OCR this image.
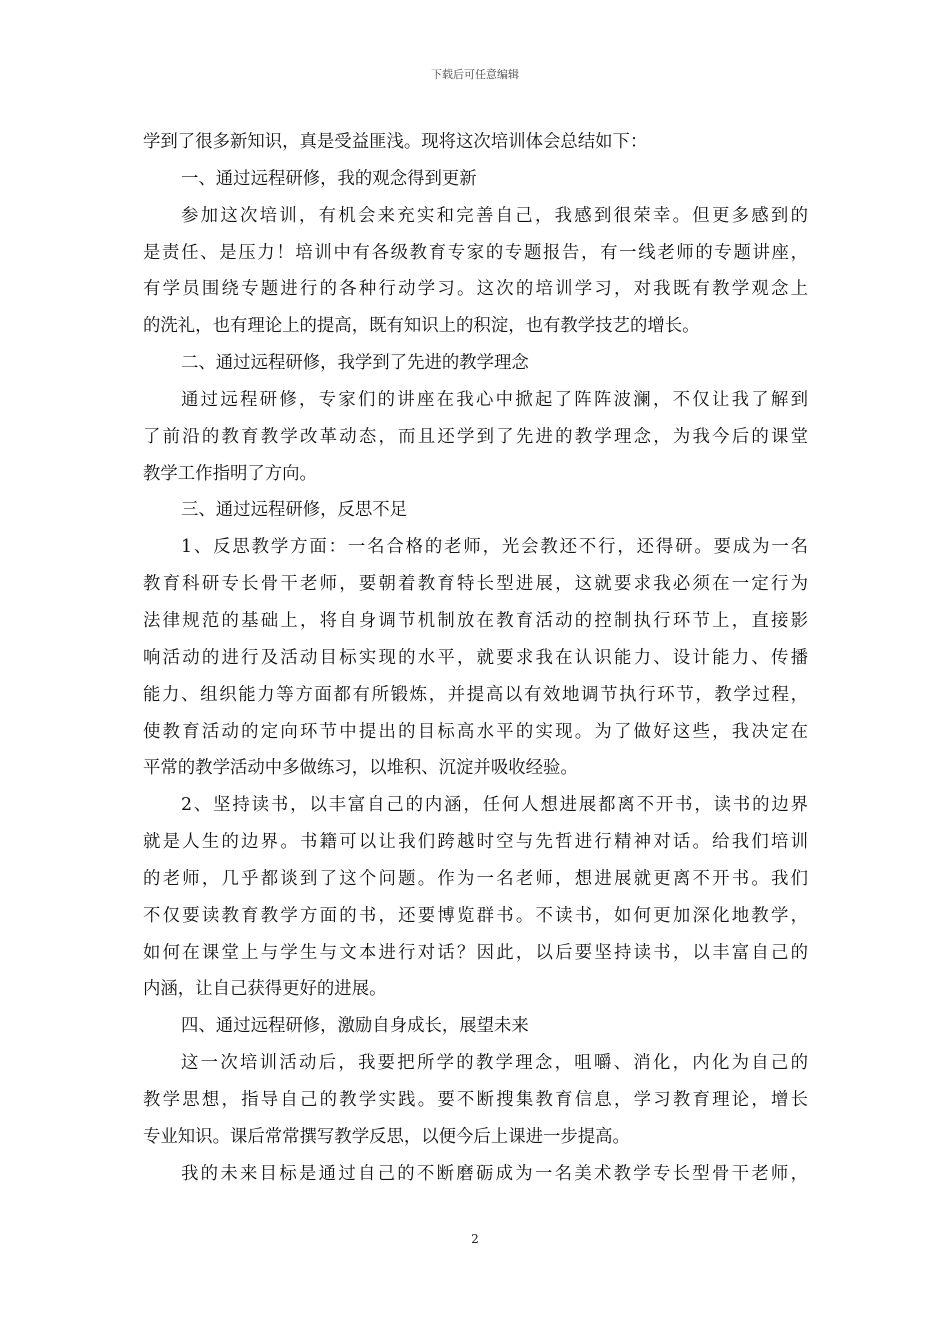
下载后可任意编辑
学到了很多新知识，真是受益匪浅。现将这次培训体会总结如下：
一、通过远程研修，我的观念得到更新
参加这次培训，有机会来充实和完善自己，我感到很荣幸。但更多感到的
是责任、是压力！培训中有各级教育专家的专题报告，有一线老师的专题讲座，
有学员围绕专题进行的各种行动学习。这次的培训学习，对我既有教学观念上
的洗礼，也有理论上的提高，既有知识上的积淀，也有教学技艺的增长。
二、通过远程研修，我学到了先进的教学理念
通过远程研修，专家们的讲座在我心中掀起了阵阵波澜，不仅让我了解到
了前沿的教育教学改革动态，而且还学到了先进的教学理念，为我今后的课堂
教学工作指明了方向。
三、通过远程研修，反思不足
1、反思教学方面：一名合格的老师，光会教还不行，还得研。要成为一名
教育科研专长骨干老师，要朝着教育特长型进展，这就要求我必须在一定行为
法律规范的基础上，将自身调节机制放在教育活动的控制执行环节上，直接影
响活动的进行及活动目标实现的水平，就要求我在认识能力、设计能力、传播
能力、组织能力等方面都有所锻炼，并提高以有效地调节执行环节，教学过程，
使教育活动的定向环节中提出的目标高水平的实现。为了做好这些，我决定在
平常的教学活动中多做练习，以堆积、沉淀并吸收经验。
2、坚持读书，以丰富自己的内涵，任何人想进展都离不开书，读书的边界
就是人生的边界。书籍可以让我们跨越时空与先哲进行精神对话。给我们培训
的老师，几乎都谈到了这个问题。作为一名老师，想进展就更离不开书。我们
不仅要读教育教学方面的书，还要博览群书。不读书，如何更加深化地教学，
如何在课堂上与学生与文本进行对话？因此，以后要坚持读书，以丰富自己的
内涵，让自己获得更好的进展。
四、通过远程研修，激励自身成长，展望未来
这一次培训活动后，我要把所学的教学理念，咀嚼、消化，内化为自己的
教学思想，指导自己的教学实践。要不断搜集教育信息，学习教育理论，增长
专业知识。课后常常撰写教学反思，以便今后上课进一步提高。
我的未来目标是通过自己的不断磨砺成为一名美术教学专长型骨干老师，
2
